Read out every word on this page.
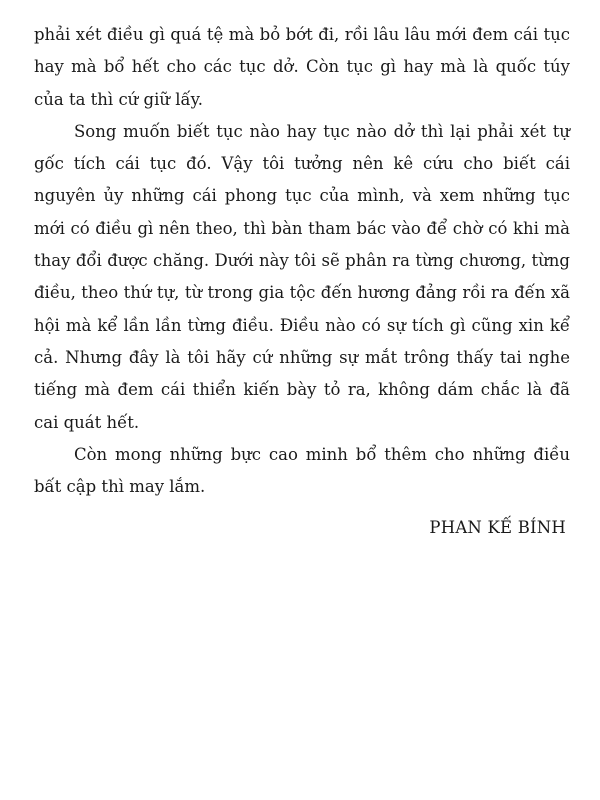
phải xét điều gì quá tệ mà bỏ bớt đi, rồi lâu lâu mới đem cái tục hay mà bổ hết cho các tục dở. Còn tục gì hay mà là quốc túy của ta thì cứ giữ lấy.

Song muốn biết tục nào hay tục nào dở thì lại phải xét tự gốc tích cái tục đó. Vậy tôi tưởng nên kê cứu cho biết cái nguyên ủy những cái phong tục của mình, và xem những tục mới có điều gì nên theo, thì bàn tham bác vào để chờ có khi mà thay đổi được chăng. Dưới này tôi sẽ phân ra từng chương, từng điều, theo thứ tự, từ trong gia tộc đến hương đảng rồi ra đến xã hội mà kể lần lần từng điều. Điều nào có sự tích gì cũng xin kể cả. Nhưng đây là tôi hãy cứ những sự mắt trông thấy tai nghe tiếng mà đem cái thiển kiến bày tỏ ra, không dám chắc là đã cai quát hết.

Còn mong những bực cao minh bổ thêm cho những điều bất cập thì may lắm.

PHAN KẾ BÍNH
